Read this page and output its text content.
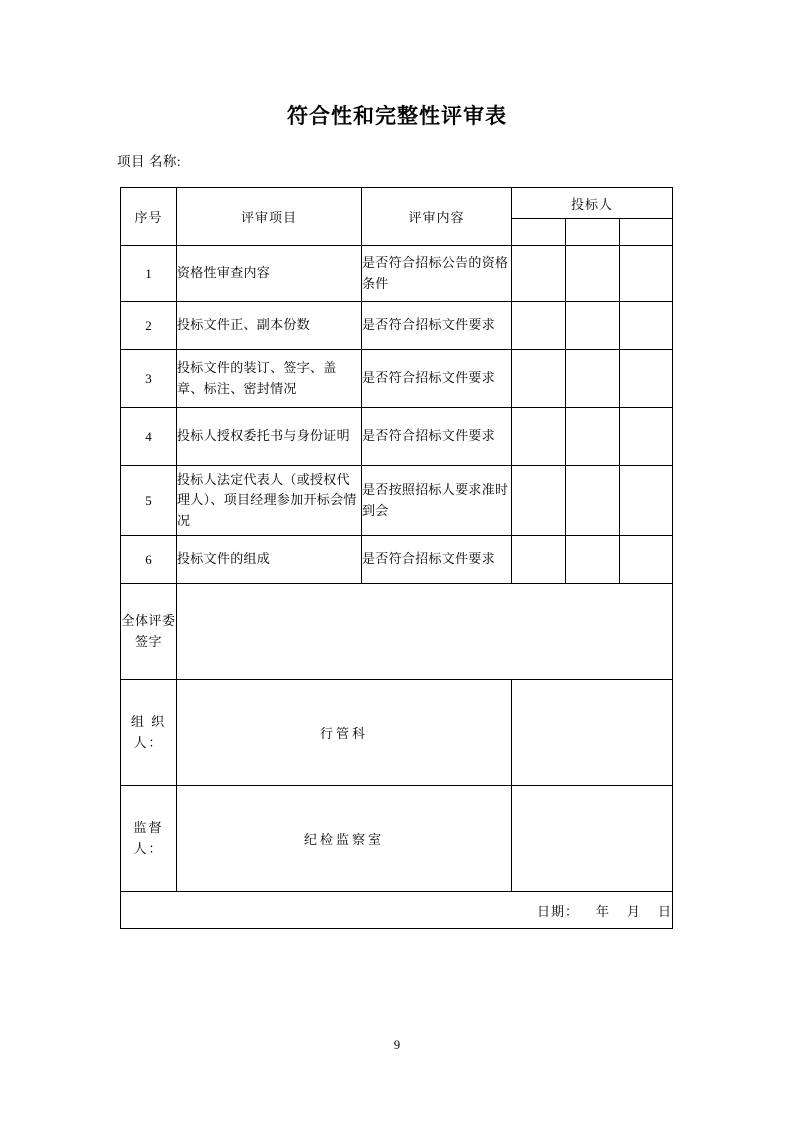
符合性和完整性评审表
项目 名称:
序号	评审项目	评审内容	投标人		

1	资格性审查内容	是否符合招标公告的资格条件			
2	投标文件正、副本份数	是否符合招标文件要求			
3	投标文件的装订、签字、盖章、标注、密封情况	是否符合招标文件要求			
4	投标人授权委托书与身份证明	是否符合招标文件要求			
5	投标人法定代表人（或授权代理人）、项目经理参加开标会情况	是否按照招标人要求准时到会			
6	投标文件的组成	是否符合招标文件要求			
全体评委签字					
组 织人：	行管科				
监督人：	纪检监察室				
日期：    年    月    日					
9
